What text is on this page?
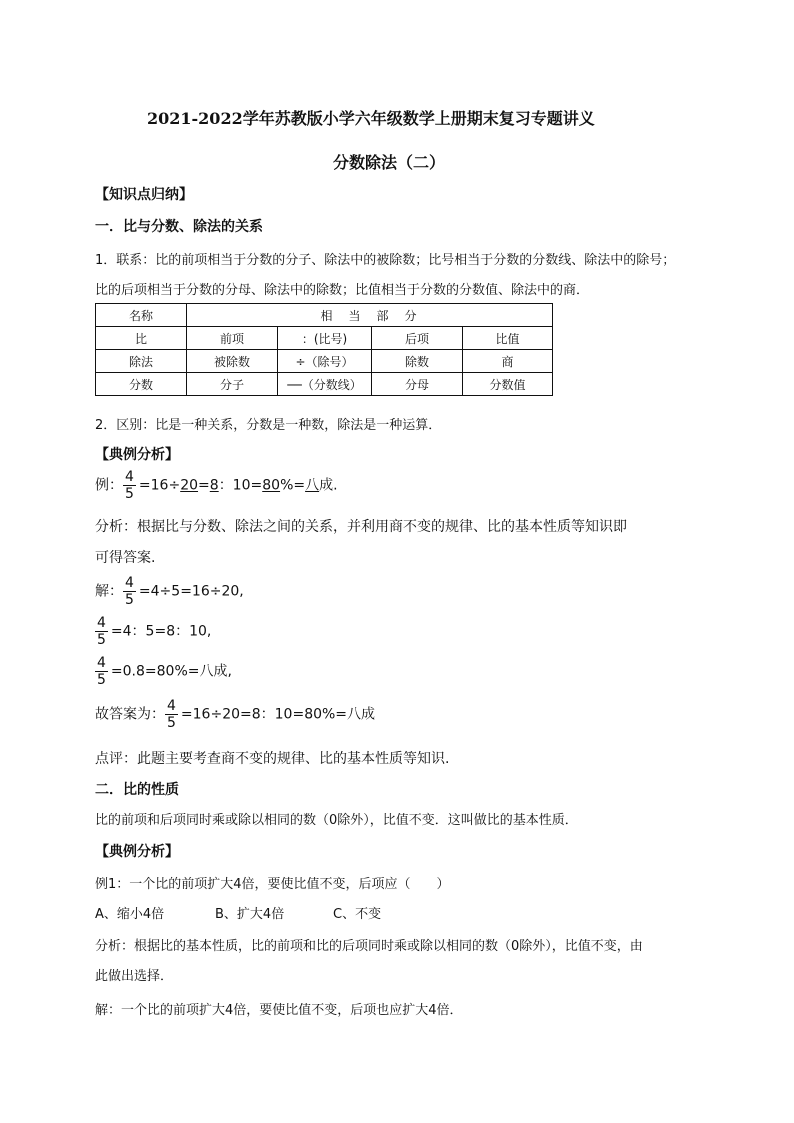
2021-2022学年苏教版小学六年级数学上册期末复习专题讲义
分数除法（二）
【知识点归纳】
一．比与分数、除法的关系
1．联系：比的前项相当于分数的分子、除法中的被除数；比号相当于分数的分数线、除法中的除号；
比的后项相当于分数的分母、除法中的除数；比值相当于分数的分数值、除法中的商．
名称	相　当　部　分			
比	前项	：(比号)	后项	比值
除法	被除数	÷（除号）	除数	商
分数	分子	──（分数线）	分母	分数值
2．区别：比是一种关系，分数是一种数，除法是一种运算．
【典例分析】
例： $\frac{4}{5} =16\div 20=8$：10=80%=八成.
分析：根据比与分数、除法之间的关系，并利用商不变的规律、比的基本性质等知识即
可得答案.
解： $\frac{4}{5} =4\div 5=16\div 20$,
$\frac{4}{5} =4$：5=8：10,
$\frac{4}{5} =0.8=80\%=$八成,
故答案为： $\frac{4}{5} =16\div 20=8$：10=80%=八成
点评：此题主要考查商不变的规律、比的基本性质等知识.
二．比的性质
比的前项和后项同时乘或除以相同的数（0除外），比值不变．这叫做比的基本性质．
【典例分析】
例1：一个比的前项扩大4倍，要使比值不变，后项应（　　）
A、缩小4倍	B、扩大4倍	C、不变
分析：根据比的基本性质，比的前项和比的后项同时乘或除以相同的数（0除外），比值不变，由
此做出选择．
解：一个比的前项扩大4倍，要使比值不变，后项也应扩大4倍．
